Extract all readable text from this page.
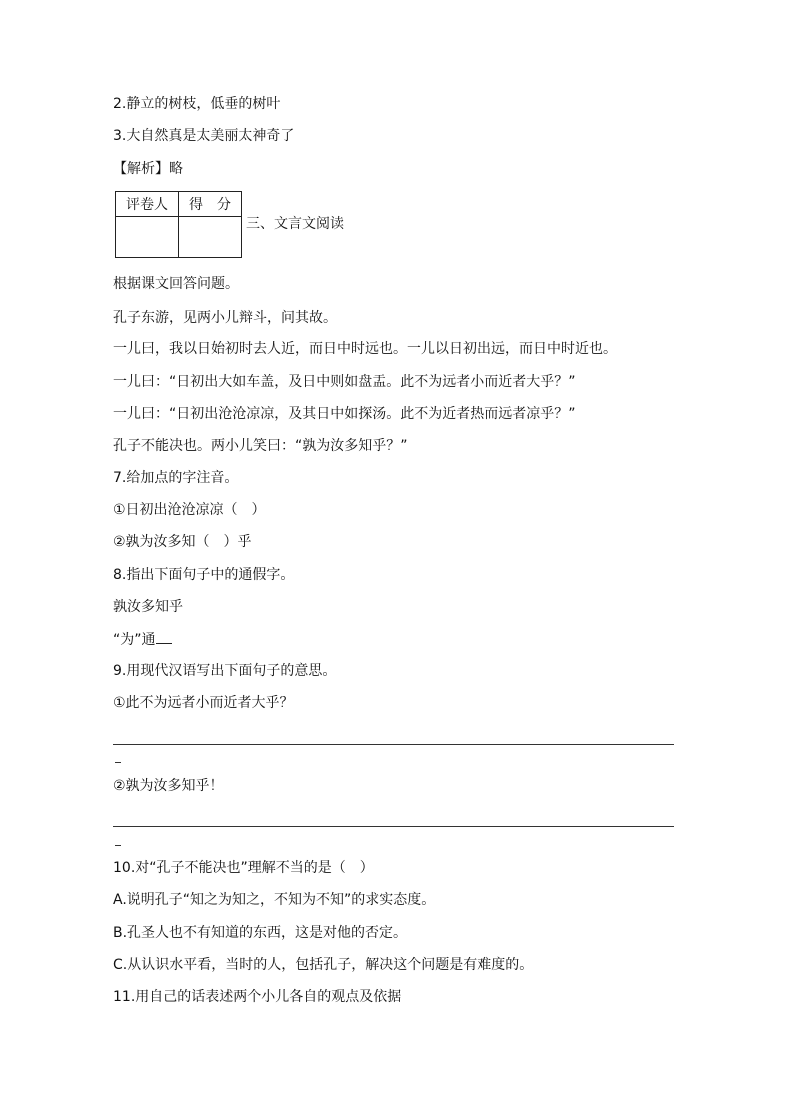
2.静立的树枝，低垂的树叶
3.大自然真是太美丽太神奇了
【解析】略
评卷人	得　分

三、文言文阅读
根据课文回答问题。
孔子东游，见两小儿辩斗，问其故。
一儿曰，我以日始初时去人近，而日中时远也。一儿以日初出远，而日中时近也。
一儿曰：“日初出大如车盖，及日中则如盘盂。此不为远者小而近者大乎？”
一儿曰：“日初出沧沧凉凉，及其日中如探汤。此不为近者热而远者凉乎？”
孔子不能决也。两小儿笑曰：“孰为汝多知乎？”
7.给加点的字注音。
①日初出沧沧凉凉（　）
②孰为汝多知（　）乎
8.指出下面句子中的通假字。
孰汝多知乎
“为”通
9.用现代汉语写出下面句子的意思。
①此不为远者小而近者大乎？
②孰为汝多知乎！
10.对“孔子不能决也”理解不当的是（　）
A.说明孔子“知之为知之，不知为不知”的求实态度。
B.孔圣人也不有知道的东西，这是对他的否定。
C.从认识水平看，当时的人，包括孔子，解决这个问题是有难度的。
11.用自己的话表述两个小儿各自的观点及依据
